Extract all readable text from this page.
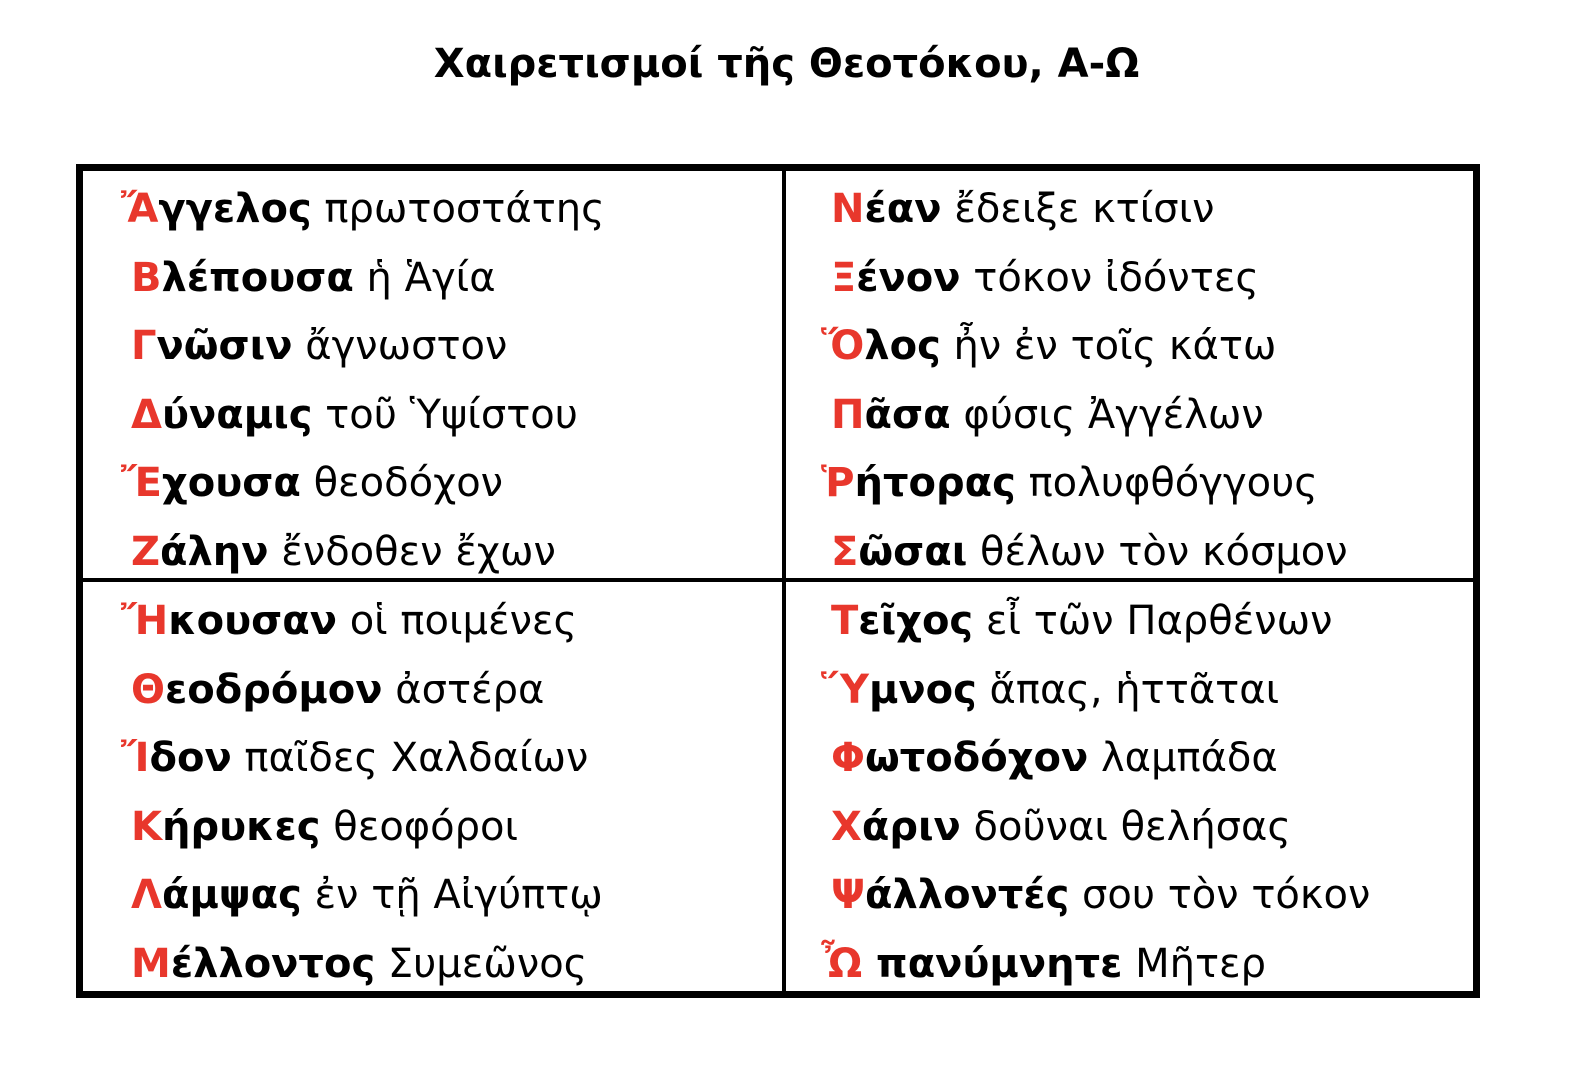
Χαιρετισμοί τῆς Θεοτόκου, Α-Ω
Ἄγγελος πρωτοστάτης
Βλέπουσα ἡ Ἁγία
Γνῶσιν ἄγνωστον
Δύναμις τοῦ Ὑψίστου
Ἔχουσα θεοδόχον
Ζάλην ἔνδοθεν ἔχων
Ἤκουσαν οἱ ποιμένες
Θεοδρόμον ἀστέρα
Ἴδον παῖδες Χαλδαίων
Κήρυκες θεοφόροι
Λάμψας ἐν τῇ Αἰγύπτῳ
Μέλλοντος Συμεῶνος
Νέαν ἔδειξε κτίσιν
Ξένον τόκον ἰδόντες
Ὅλος ἦν ἐν τοῖς κάτω
Πᾶσα φύσις Ἀγγέλων
Ῥήτορας πολυφθόγγους
Σῶσαι θέλων τὸν κόσμον
Τεῖχος εἶ τῶν Παρθένων
Ὕμνος ἅπας, ἡττᾶται
Φωτοδόχον λαμπάδα
Χάριν δοῦναι θελήσας
Ψάλλοντές σου τὸν τόκον
Ὦ πανύμνητε Μῆτερ
